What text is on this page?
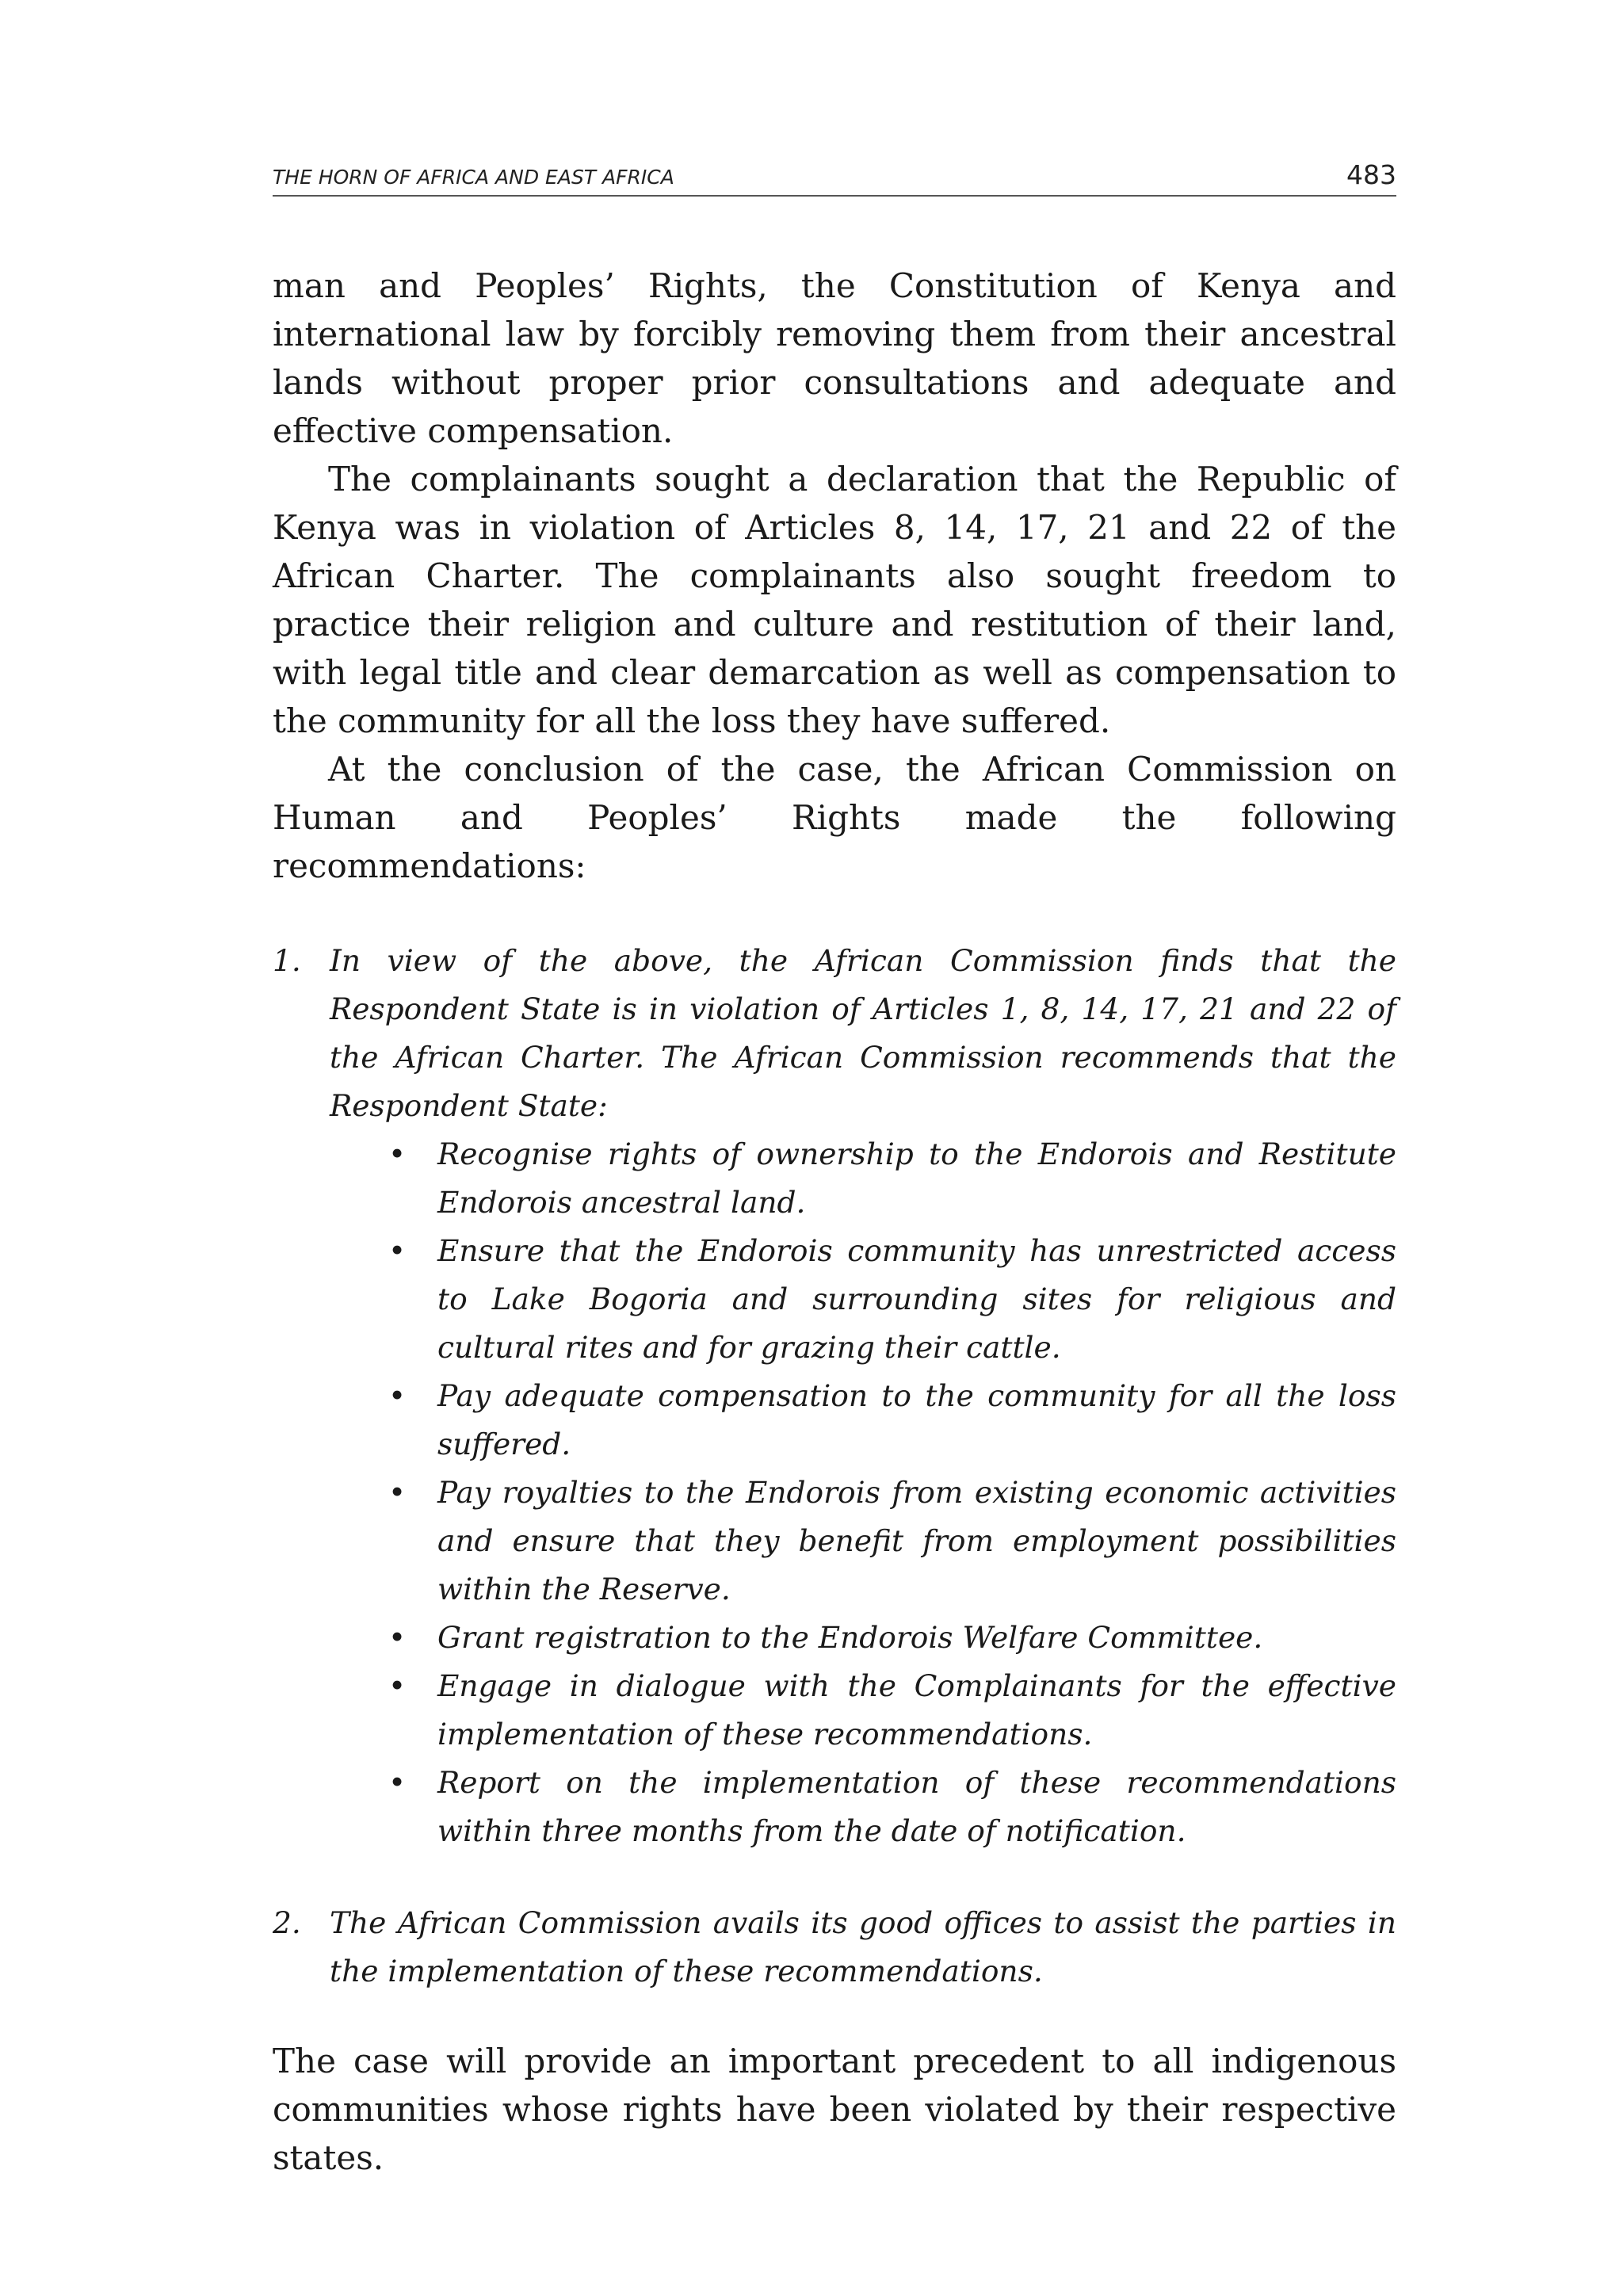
THE HORN OF AFRICA AND EAST AFRICA	483

man and Peoples’ Rights, the Constitution of Kenya and international law by forcibly removing them from their ancestral lands without proper prior consultations and adequate and effective compensation.

The complainants sought a declaration that the Republic of Kenya was in violation of Articles 8, 14, 17, 21 and 22 of the African Charter. The complainants also sought freedom to practice their religion and culture and restitution of their land, with legal title and clear demarcation as well as compensation to the community for all the loss they have suffered.

At the conclusion of the case, the African Commission on Human and Peoples’ Rights made the following recommendations:

1. In view of the above, the African Commission finds that the Respondent State is in violation of Articles 1, 8, 14, 17, 21 and 22 of the African Charter. The African Commission recommends that the Respondent State:
•	Recognise rights of ownership to the Endorois and Restitute Endorois ancestral land.
•	Ensure that the Endorois community has unrestricted access to Lake Bogoria and surrounding sites for religious and cultural rites and for grazing their cattle.
•	Pay adequate compensation to the community for all the loss suffered.
•	Pay royalties to the Endorois from existing economic activities and ensure that they benefit from employment possibilities within the Reserve.
•	Grant registration to the Endorois Welfare Committee.
•	Engage in dialogue with the Complainants for the effective implementation of these recommendations.
•	Report on the implementation of these recommendations within three months from the date of notification.
2. The African Commission avails its good offices to assist the parties in the implementation of these recommendations.

The case will provide an important precedent to all indigenous communities whose rights have been violated by their respective states.
